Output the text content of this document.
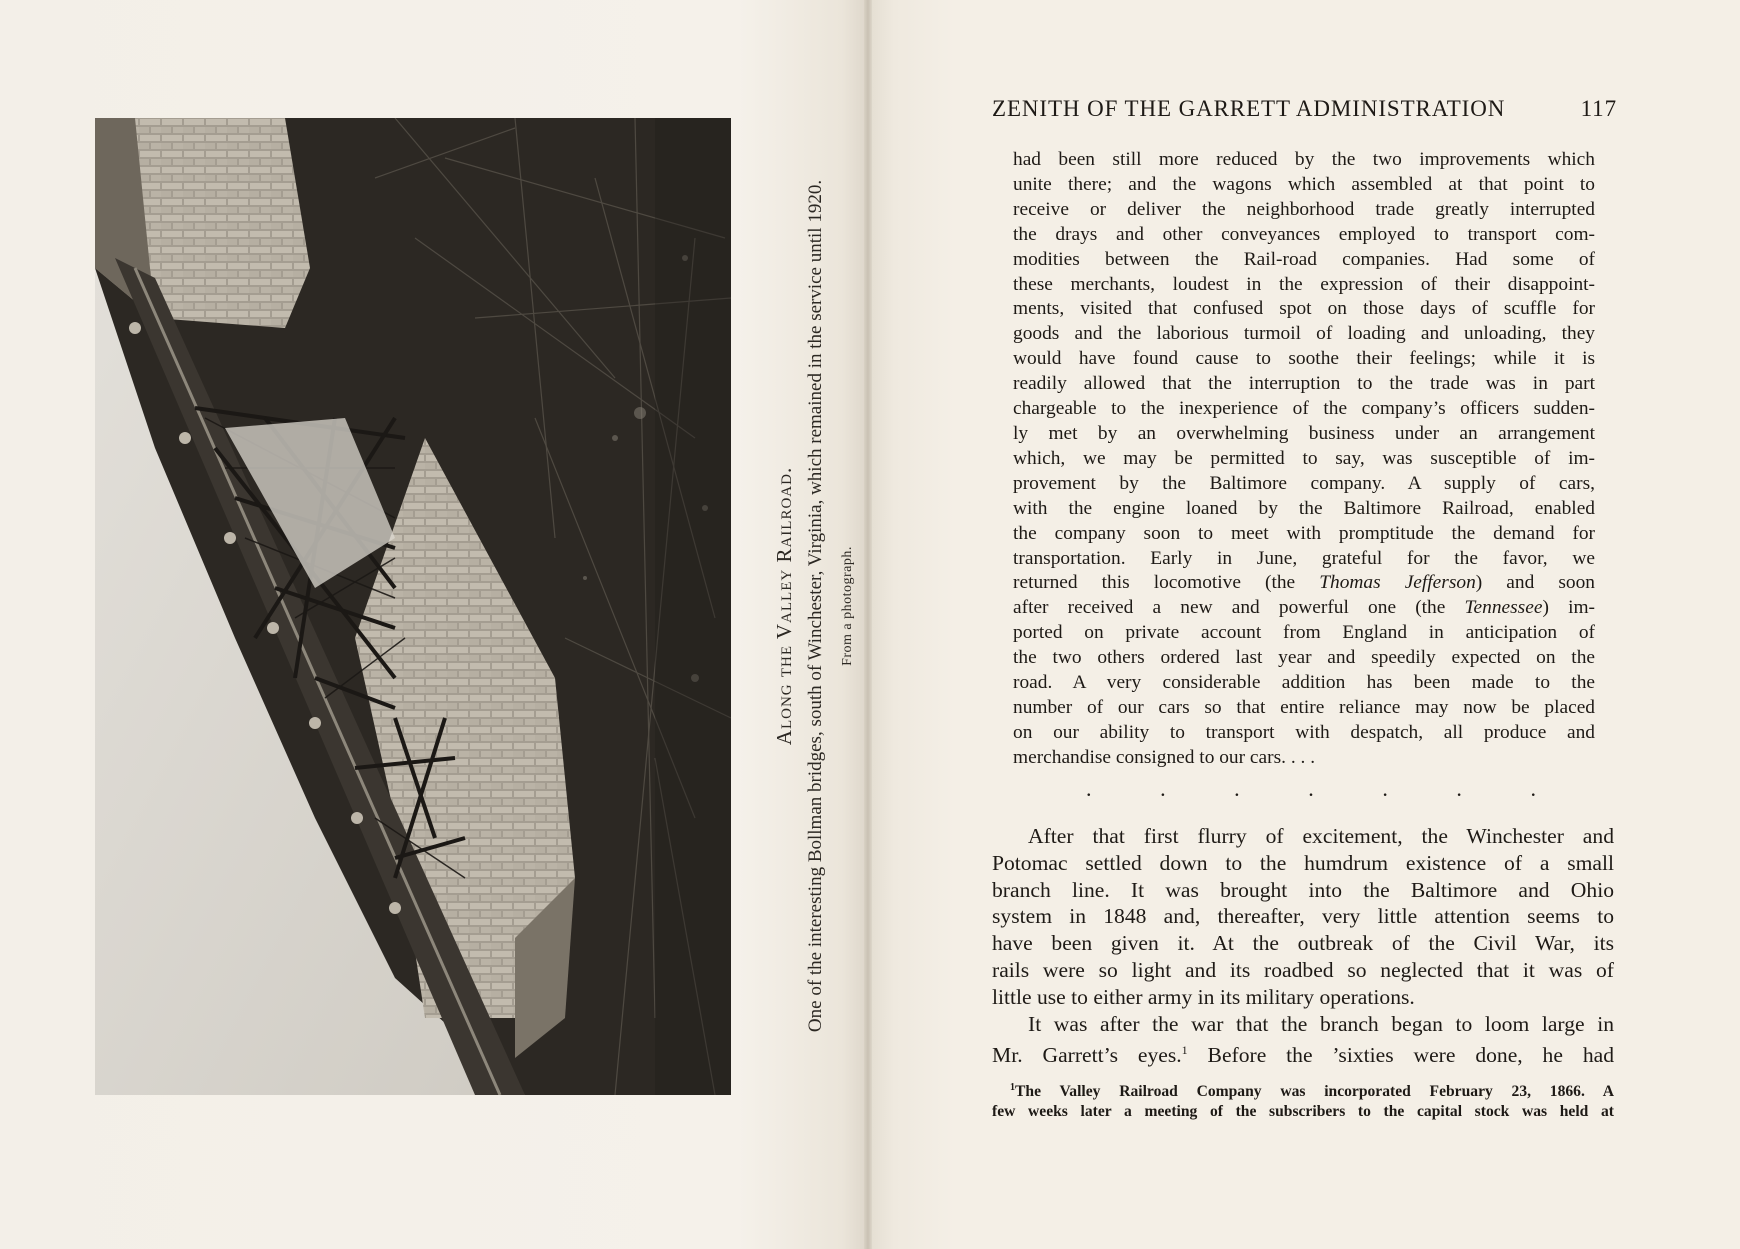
Along the Valley Railroad. One of the interesting Bollman bridges, south of Winchester, Virginia, which remained in the service until 1920. From a photograph.
ZENITH OF THE GARRETT ADMINISTRATION	117
had been still more reduced by the two improvements which
unite there; and the wagons which assembled at that point to
receive or deliver the neighborhood trade greatly interrupted
the drays and other conveyances employed to transport com-
modities between the Rail-road companies. Had some of
these merchants, loudest in the expression of their disappoint-
ments, visited that confused spot on those days of scuffle for
goods and the laborious turmoil of loading and unloading, they
would have found cause to soothe their feelings; while it is
readily allowed that the interruption to the trade was in part
chargeable to the inexperience of the company’s officers sudden-
ly met by an overwhelming business under an arrangement
which, we may be permitted to say, was susceptible of im-
provement by the Baltimore company. A supply of cars,
with the engine loaned by the Baltimore Railroad, enabled
the company soon to meet with promptitude the demand for
transportation. Early in June, grateful for the favor, we
returned this locomotive (the Thomas Jefferson) and soon
after received a new and powerful one (the Tennessee) im-
ported on private account from England in anticipation of
the two others ordered last year and speedily expected on the
road. A very considerable addition has been made to the
number of our cars so that entire reliance may now be placed
on our ability to transport with despatch, all produce and
merchandise consigned to our cars. . . .
.	.	.	.	.	.	.
After that first flurry of excitement, the Winchester and
Potomac settled down to the humdrum existence of a small
branch line. It was brought into the Baltimore and Ohio
system in 1848 and, thereafter, very little attention seems to
have been given it. At the outbreak of the Civil War, its
rails were so light and its roadbed so neglected that it was of
little use to either army in its military operations.
It was after the war that the branch began to loom large in
Mr. Garrett’s eyes.$^1$ Before the ’sixties were done, he had
$^1$The Valley Railroad Company was incorporated February 23, 1866. A
few weeks later a meeting of the subscribers to the capital stock was held at
